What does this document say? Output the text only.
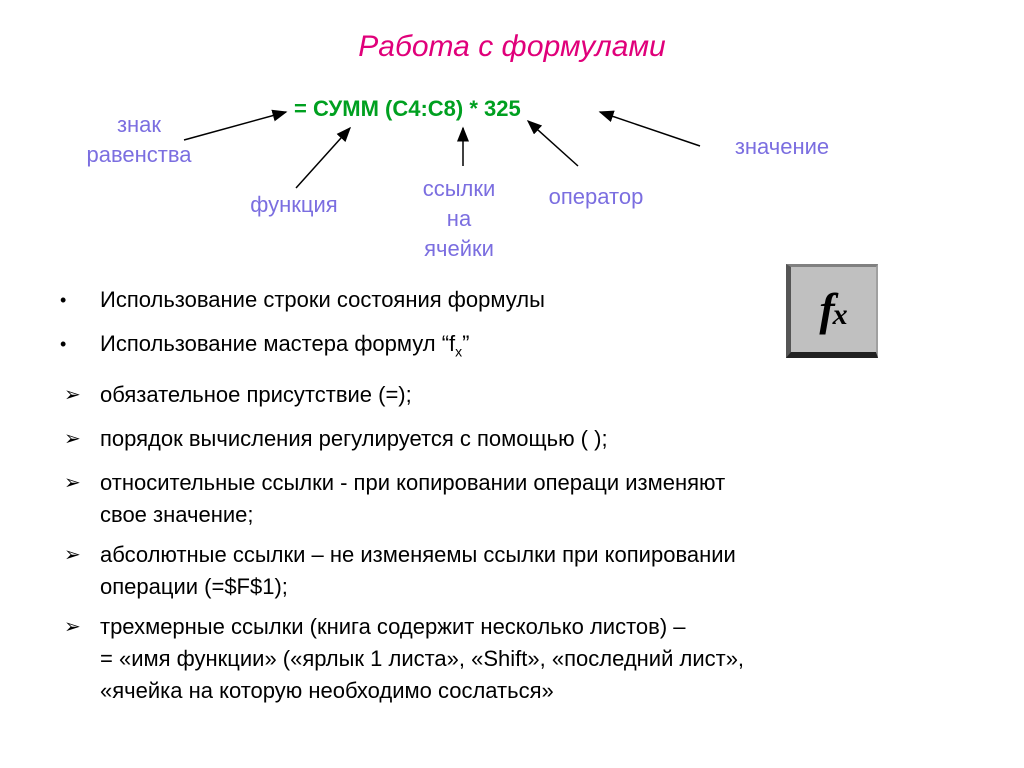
Работа с формулами
= СУММ (C4:C8) * 325
знак
равенства
функция
ссылки
на
ячейки
оператор
значение
f
x
•	Использование строки состояния формулы
•	Использование мастера формул “$f_x$”
➢ обязательное присутствие (=);
➢ порядок вычисления регулируется с помощью ( );
➢ относительные ссылки - при копировании операци изменяют
свое значение;
➢ абсолютные ссылки – не изменяемы ссылки при копировании
операции (=$F$1);
➢ трехмерные ссылки (книга содержит несколько листов) –
= «имя функции» («ярлык 1 листа», «Shift», «последний лист»,
«ячейка на которую необходимо сослаться»
